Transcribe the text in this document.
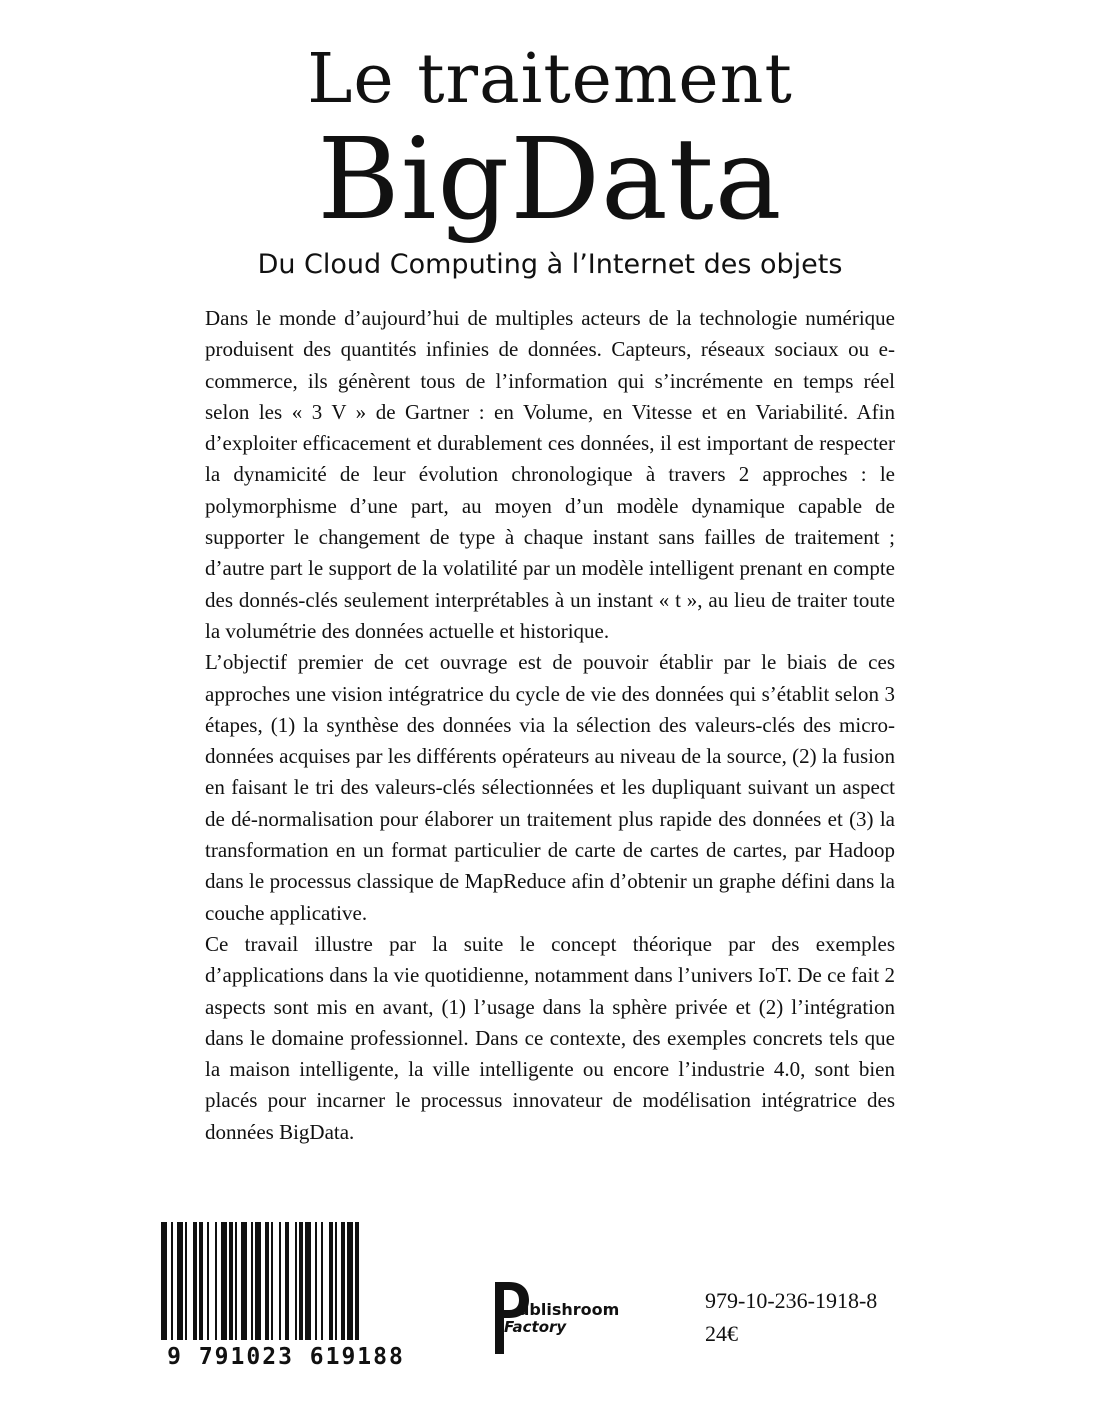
Le traitement
BigData
Du Cloud Computing à l’Internet des objets

Dans le monde d’aujourd’hui de multiples acteurs de la technologie numérique produisent des quantités infinies de données. Capteurs, réseaux sociaux ou e-commerce, ils génèrent tous de l’information qui s’incrémente en temps réel selon les « 3 V » de Gartner : en Volume, en Vitesse et en Variabilité. Afin d’exploiter efficacement et durablement ces données, il est important de respecter la dynamicité de leur évolution chronologique à travers 2 approches : le polymorphisme d’une part, au moyen d’un modèle dynamique capable de supporter le changement de type à chaque instant sans failles de traitement ; d’autre part le support de la volatilité par un modèle intelligent prenant en compte des donnés-clés seulement interprétables à un instant « t », au lieu de traiter toute la volumétrie des données actuelle et historique.

L’objectif premier de cet ouvrage est de pouvoir établir par le biais de ces approches une vision intégratrice du cycle de vie des données qui s’établit selon 3 étapes, (1) la synthèse des données via la sélection des valeurs-clés des micro-données acquises par les différents opérateurs au niveau de la source, (2) la fusion en faisant le tri des valeurs-clés sélectionnées et les dupliquant suivant un aspect de dé-normalisation pour élaborer un traitement plus rapide des données et (3) la transformation en un format particulier de carte de cartes de cartes, par Hadoop dans le processus classique de MapReduce afin d’obtenir un graphe défini dans la couche applicative.

Ce travail illustre par la suite le concept théorique par des exemples d’applications dans la vie quotidienne, notamment dans l’univers IoT. De ce fait 2 aspects sont mis en avant, (1) l’usage dans la sphère privée et (2) l’intégration dans le domaine professionnel. Dans ce contexte, des exemples concrets tels que la maison intelligente, la ville intelligente ou encore l’industrie 4.0, sont bien placés pour incarner le processus innovateur de modélisation intégratrice des données BigData.

9 791023 619188
ublishroom
Factory
979-10-236-1918-8
24€
